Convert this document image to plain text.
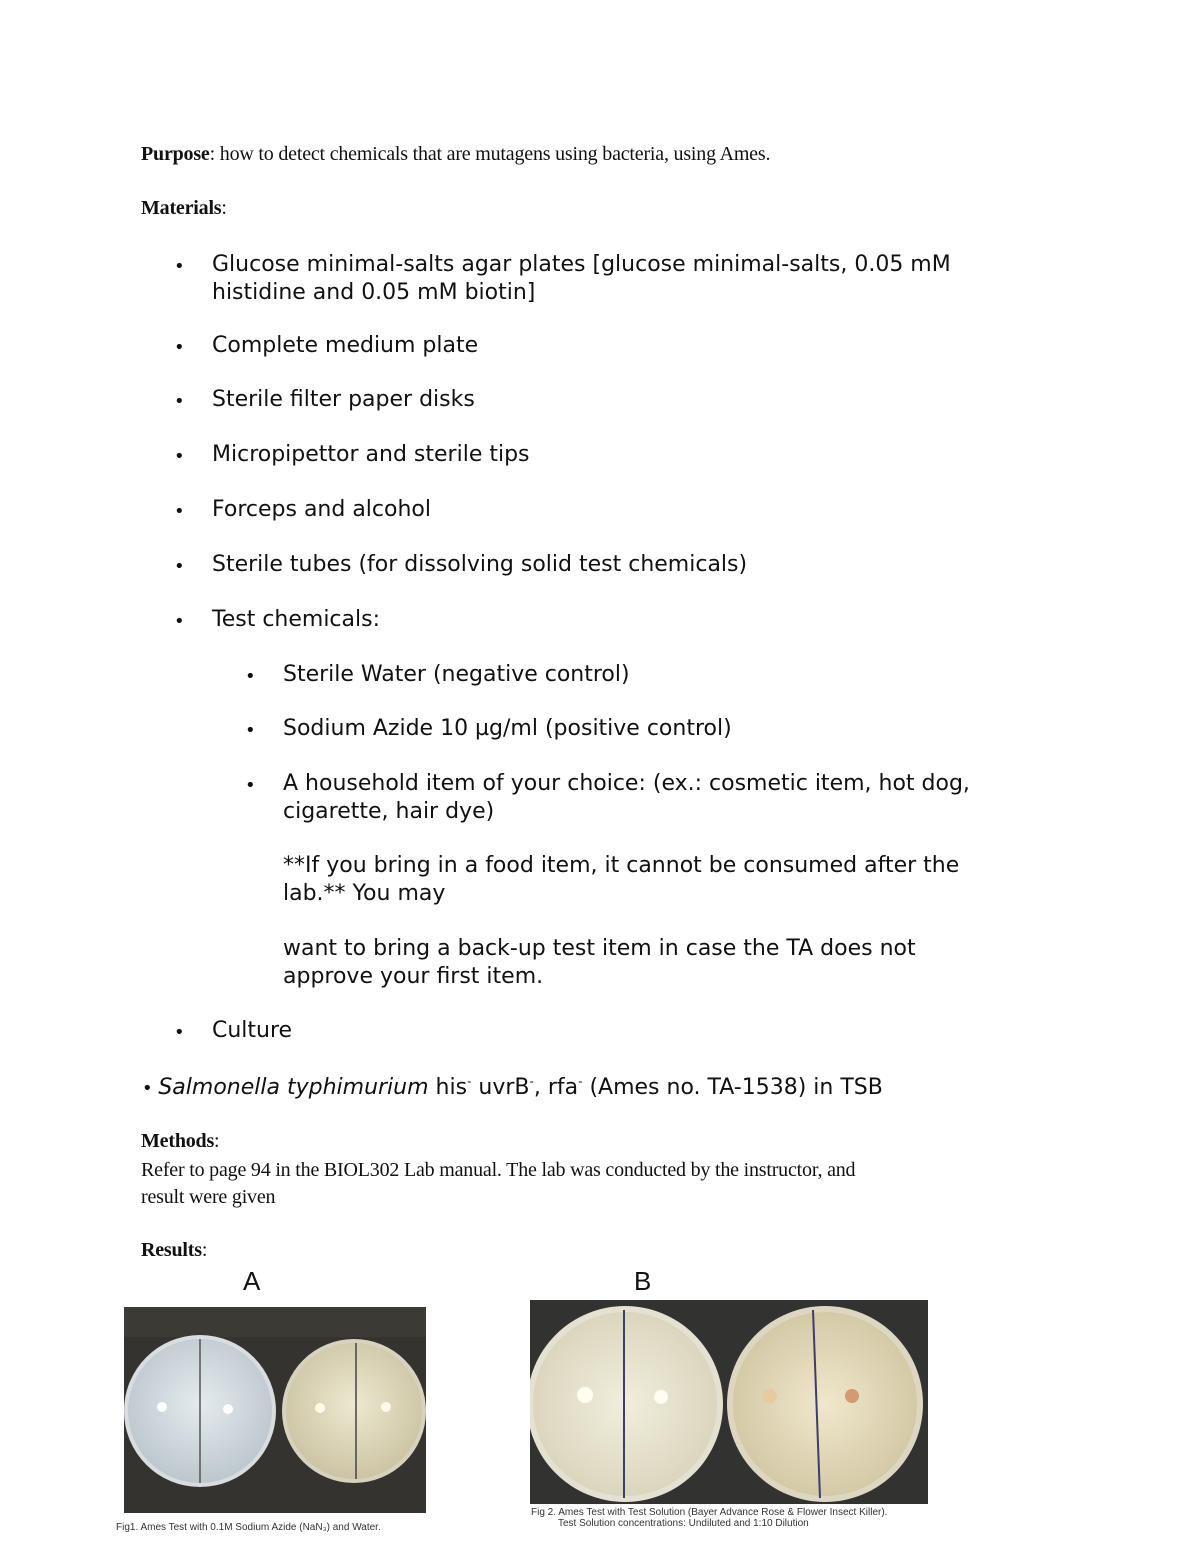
Purpose: how to detect chemicals that are mutagens using bacteria, using Ames.
Materials:
• Glucose minimal-salts agar plates [glucose minimal-salts, 0.05 mM
histidine and 0.05 mM biotin]
• Complete medium plate
• Sterile filter paper disks
• Micropipettor and sterile tips
• Forceps and alcohol
• Sterile tubes (for dissolving solid test chemicals)
• Test chemicals:
• Sterile Water (negative control)
• Sodium Azide 10 µg/ml (positive control)
• A household item of your choice: (ex.: cosmetic item, hot dog,
cigarette, hair dye)
**If you bring in a food item, it cannot be consumed after the
lab.** You may
want to bring a back-up test item in case the TA does not
approve your first item.
• Culture
• Salmonella typhimurium his- uvrB-, rfa- (Ames no. TA-1538) in TSB
Methods:
Refer to page 94 in the BIOL302 Lab manual. The lab was conducted by the instructor, and
result were given
Results:
A
Fig1. Ames Test with 0.1M Sodium Azide (NaN₃) and Water.
B
Fig 2. Ames Test with Test Solution (Bayer Advance Rose & Flower Insect Killer).
Test Solution concentrations: Undiluted and 1:10 Dilution
